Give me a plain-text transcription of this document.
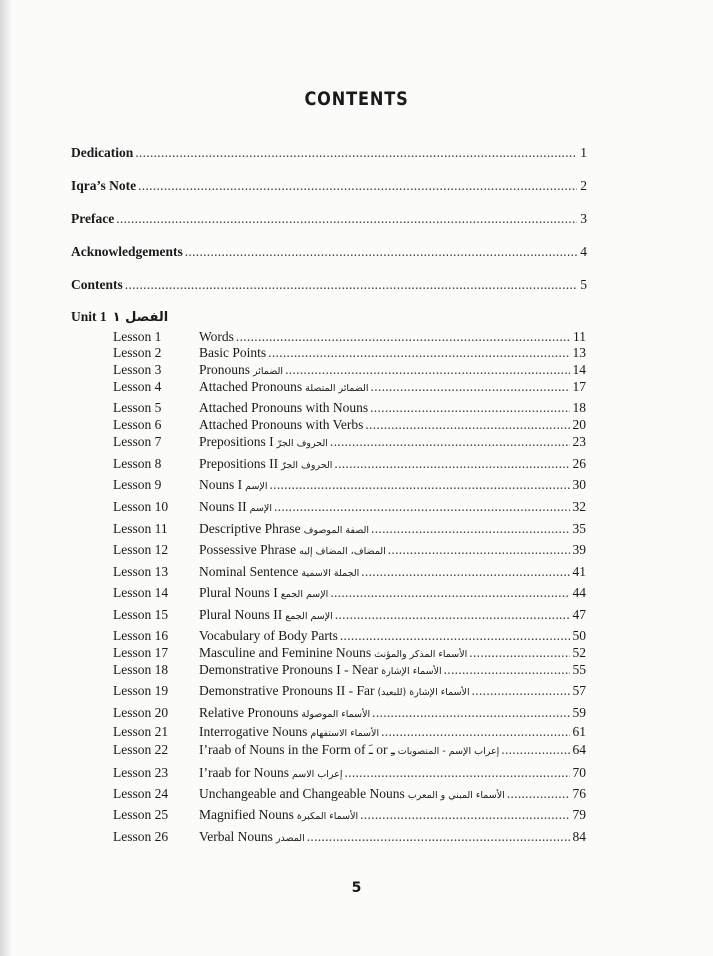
CONTENTS
Dedication .....	1
Iqra’s Note .....	2
Preface .....	3
Acknowledgements .....	4
Contents .....	5
Unit 1 الفصل ١
Lesson 1	Words .....	11
Lesson 2	Basic Points .....	13
Lesson 3	Pronouns الضمائر .....	14
Lesson 4	Attached Pronouns الضمائر المتصلة .....	17
Lesson 5	Attached Pronouns with Nouns .....	18
Lesson 6	Attached Pronouns with Verbs .....	20
Lesson 7	Prepositions I الحروف الجرّ .....	23
Lesson 8	Prepositions II الحروف الجرّ .....	26
Lesson 9	Nouns I الإسم .....	30
Lesson 10	Nouns II الإسم .....	32
Lesson 11	Descriptive Phrase الصفة الموصوف .....	35
Lesson 12	Possessive Phrase المضاف، المضاف إليه .....	39
Lesson 13	Nominal Sentence الجملة الاسمية .....	41
Lesson 14	Plural Nouns I الإسم الجمع .....	44
Lesson 15	Plural Nouns II الإسم الجمع .....	47
Lesson 16	Vocabulary of Body Parts .....	50
Lesson 17	Masculine and Feminine Nouns الأسماء المذكر والمؤنث .....	52
Lesson 18	Demonstrative Pronouns I - Near الأسماء الإشارة .....	55
Lesson 19	Demonstrative Pronouns II - Far الأسماء الإشارة (للبعيد) .....	57
Lesson 20	Relative Pronouns الأسماء الموصولة .....	59
Lesson 21	Interrogative Nouns الأسماء الاستفهام .....	61
Lesson 22	I’raab of Nouns in the Form of ـَ or ـِ إعراب الإسم - المنصوبات .....	64
Lesson 23	I’raab for Nouns إعراب الاسم .....	70
Lesson 24	Unchangeable and Changeable Nouns الأسماء المبني و المعرب .....	76
Lesson 25	Magnified Nouns الأسماء المكبرة .....	79
Lesson 26	Verbal Nouns المصدر .....	84
5
